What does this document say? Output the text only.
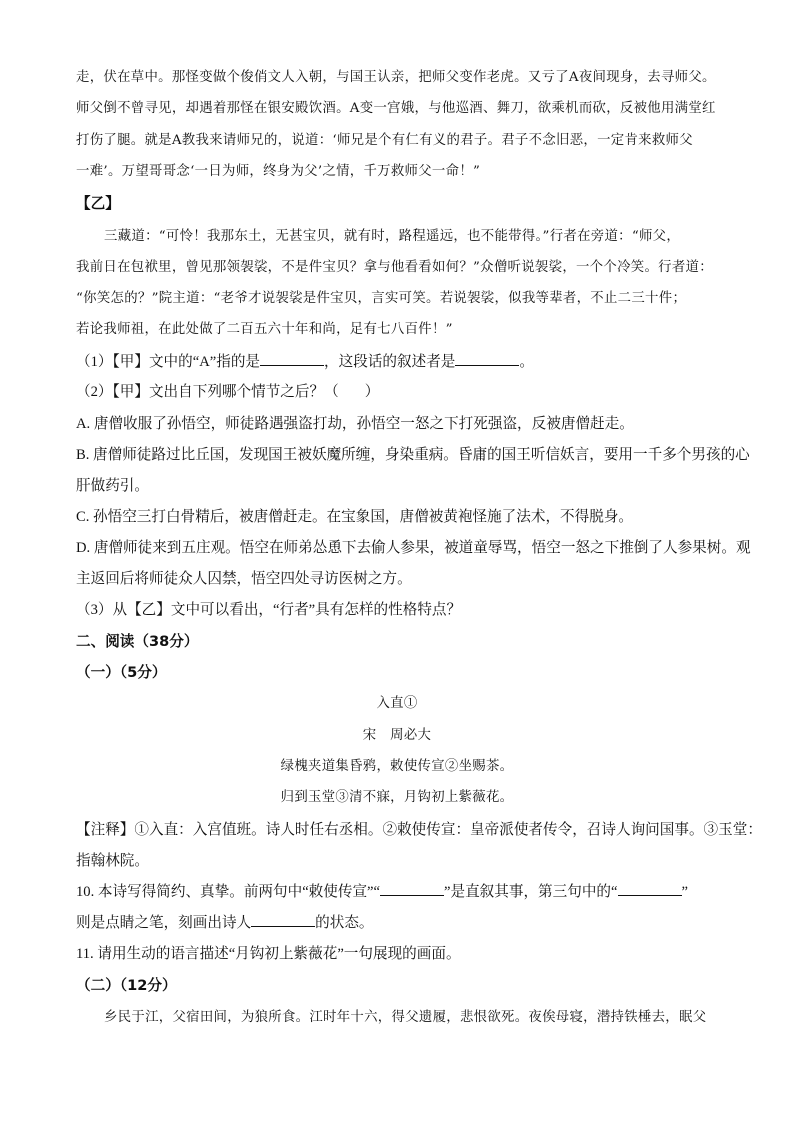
走，伏在草中。那怪变做个俊俏文人入朝，与国王认亲，把师父变作老虎。又亏了A夜间现身，去寻师父。
师父倒不曾寻见，却遇着那怪在银安殿饮酒。A变一宫娥，与他巡酒、舞刀，欲乘机而砍，反被他用满堂红
打伤了腿。就是A教我来请师兄的，说道：‘师兄是个有仁有义的君子。君子不念旧恶，一定肯来救师父
一难’。万望哥哥念‘一日为师，终身为父’之情，千万救师父一命！”
【乙】
三藏道：“可怜！我那东土，无甚宝贝，就有时，路程遥远，也不能带得。”行者在旁道：“师父，
我前日在包袱里，曾见那领袈裟，不是件宝贝？拿与他看看如何？”众僧听说袈裟，一个个冷笑。行者道：
“你笑怎的？”院主道：“老爷才说袈裟是件宝贝，言实可笑。若说袈裟，似我等辈者，不止二三十件；
若论我师祖，在此处做了二百五六十年和尚，足有七八百件！”
（1）【甲】文中的“A”指的是	，这段话的叙述者是	。
（2）【甲】文出自下列哪个情节之后？（ ）
A. 唐僧收服了孙悟空，师徒路遇强盗打劫，孙悟空一怒之下打死强盗，反被唐僧赶走。
B. 唐僧师徒路过比丘国，发现国王被妖魔所缠，身染重病。昏庸的国王听信妖言，要用一千多个男孩的心
肝做药引。
C. 孙悟空三打白骨精后，被唐僧赶走。在宝象国，唐僧被黄袍怪施了法术，不得脱身。
D. 唐僧师徒来到五庄观。悟空在师弟怂恿下去偷人参果，被道童辱骂，悟空一怒之下推倒了人参果树。观
主返回后将师徒众人囚禁，悟空四处寻访医树之方。
（3）从【乙】文中可以看出，“行者”具有怎样的性格特点？
二、阅读（38分）
（一）（5分）
入直①
宋　周必大
绿槐夹道集昏鸦，敕使传宣②坐赐茶。
归到玉堂③清不寐，月钩初上紫薇花。
【注释】①入直：入宫值班。诗人时任右丞相。②敕使传宣：皇帝派使者传令，召诗人询问国事。③玉堂：
指翰林院。
10. 本诗写得简约、真挚。前两句中“敕使传宣”“	”是直叙其事，第三句中的“	”
则是点睛之笔，刻画出诗人	的状态。
11. 请用生动的语言描述“月钩初上紫薇花”一句展现的画面。
（二）（12分）
乡民于江，父宿田间，为狼所食。江时年十六，得父遗履，悲恨欲死。夜俟母寝，潜持铁棰去，眠父
